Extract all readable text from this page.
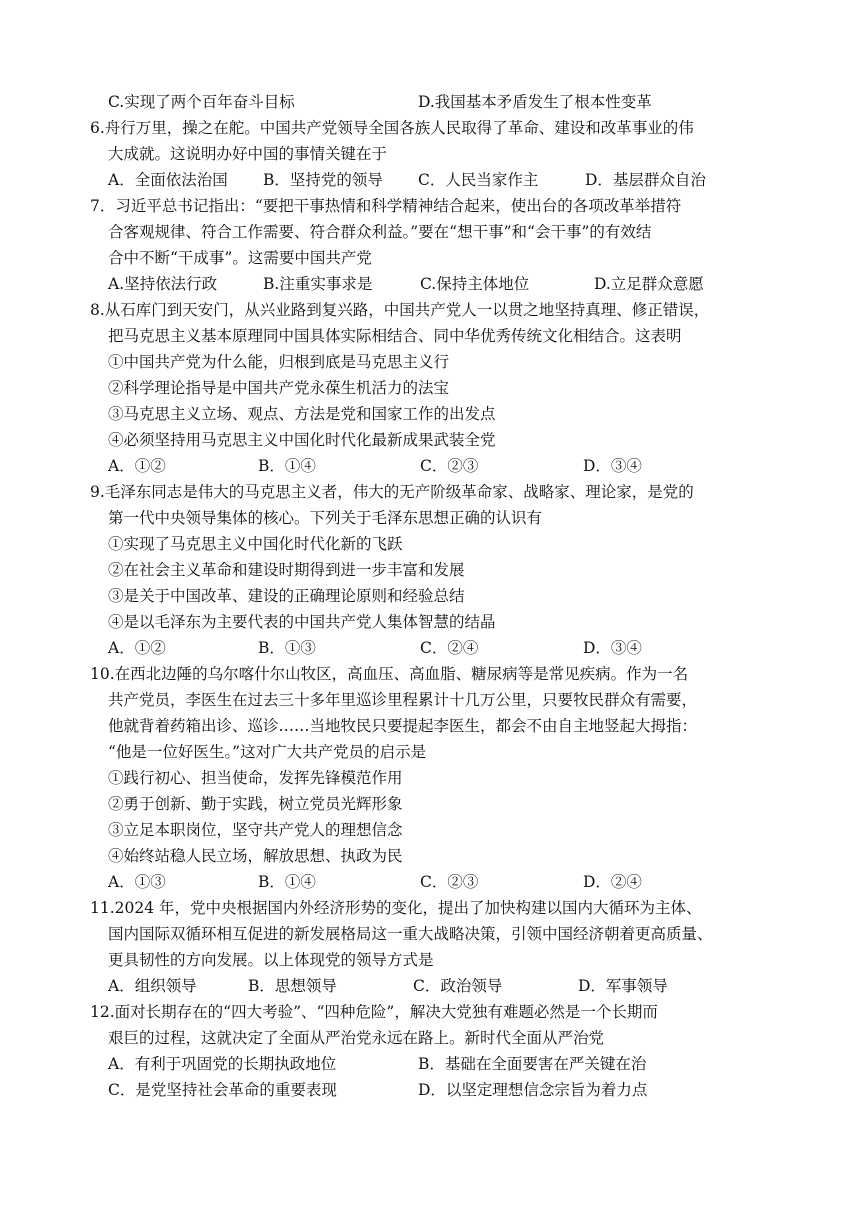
C.实现了两个百年奋斗目标	D.我国基本矛盾发生了根本性变革
6.舟行万里，操之在舵。中国共产党领导全国各族人民取得了革命、建设和改革事业的伟
大成就。这说明办好中国的事情关键在于
A．全面依法治国 B．坚持党的领导 C．人民当家作主	D．基层群众自治
7．习近平总书记指出：“要把干事热情和科学精神结合起来，使出台的各项改革举措符
合客观规律、符合工作需要、符合群众利益。”要在“想干事”和“会干事”的有效结
合中不断“干成事”。这需要中国共产党
A.坚持依法行政	B.注重实事求是	C.保持主体地位	D.立足群众意愿
8.从石库门到天安门，从兴业路到复兴路，中国共产党人一以贯之地坚持真理、修正错误，
把马克思主义基本原理同中国具体实际相结合、同中华优秀传统文化相结合。这表明
①中国共产党为什么能，归根到底是马克思主义行
②科学理论指导是中国共产党永葆生机活力的法宝
③马克思主义立场、观点、方法是党和国家工作的出发点
④必须坚持用马克思主义中国化时代化最新成果武装全党
A．①②	B．①④	C．②③	D．③④
9.毛泽东同志是伟大的马克思主义者，伟大的无产阶级革命家、战略家、理论家，是党的
第一代中央领导集体的核心。下列关于毛泽东思想正确的认识有
①实现了马克思主义中国化时代化新的飞跃
②在社会主义革命和建设时期得到进一步丰富和发展
③是关于中国改革、建设的正确理论原则和经验总结
④是以毛泽东为主要代表的中国共产党人集体智慧的结晶
A．①②	B．①③	C．②④	D．③④
10.在西北边陲的乌尔喀什尔山牧区，高血压、高血脂、糖尿病等是常见疾病。作为一名
共产党员，李医生在过去三十多年里巡诊里程累计十几万公里，只要牧民群众有需要，
他就背着药箱出诊、巡诊……当地牧民只要提起李医生，都会不由自主地竖起大拇指：
“他是一位好医生。”这对广大共产党员的启示是
①践行初心、担当使命，发挥先锋模范作用
②勇于创新、勤于实践，树立党员光辉形象
③立足本职岗位，坚守共产党人的理想信念
④始终站稳人民立场，解放思想、执政为民
A．①③	B．①④	C．②③	D．②④
11.2024 年，党中央根据国内外经济形势的变化，提出了加快构建以国内大循环为主体、
国内国际双循环相互促进的新发展格局这一重大战略决策，引领中国经济朝着更高质量、
更具韧性的方向发展。以上体现党的领导方式是
A．组织领导	B．思想领导	C．政治领导	D．军事领导
12.面对长期存在的“四大考验”、“四种危险”，解决大党独有难题必然是一个长期而
艰巨的过程，这就决定了全面从严治党永远在路上。新时代全面从严治党
A．有利于巩固党的长期执政地位	B．基础在全面要害在严关键在治
C．是党坚持社会革命的重要表现	D．以坚定理想信念宗旨为着力点
